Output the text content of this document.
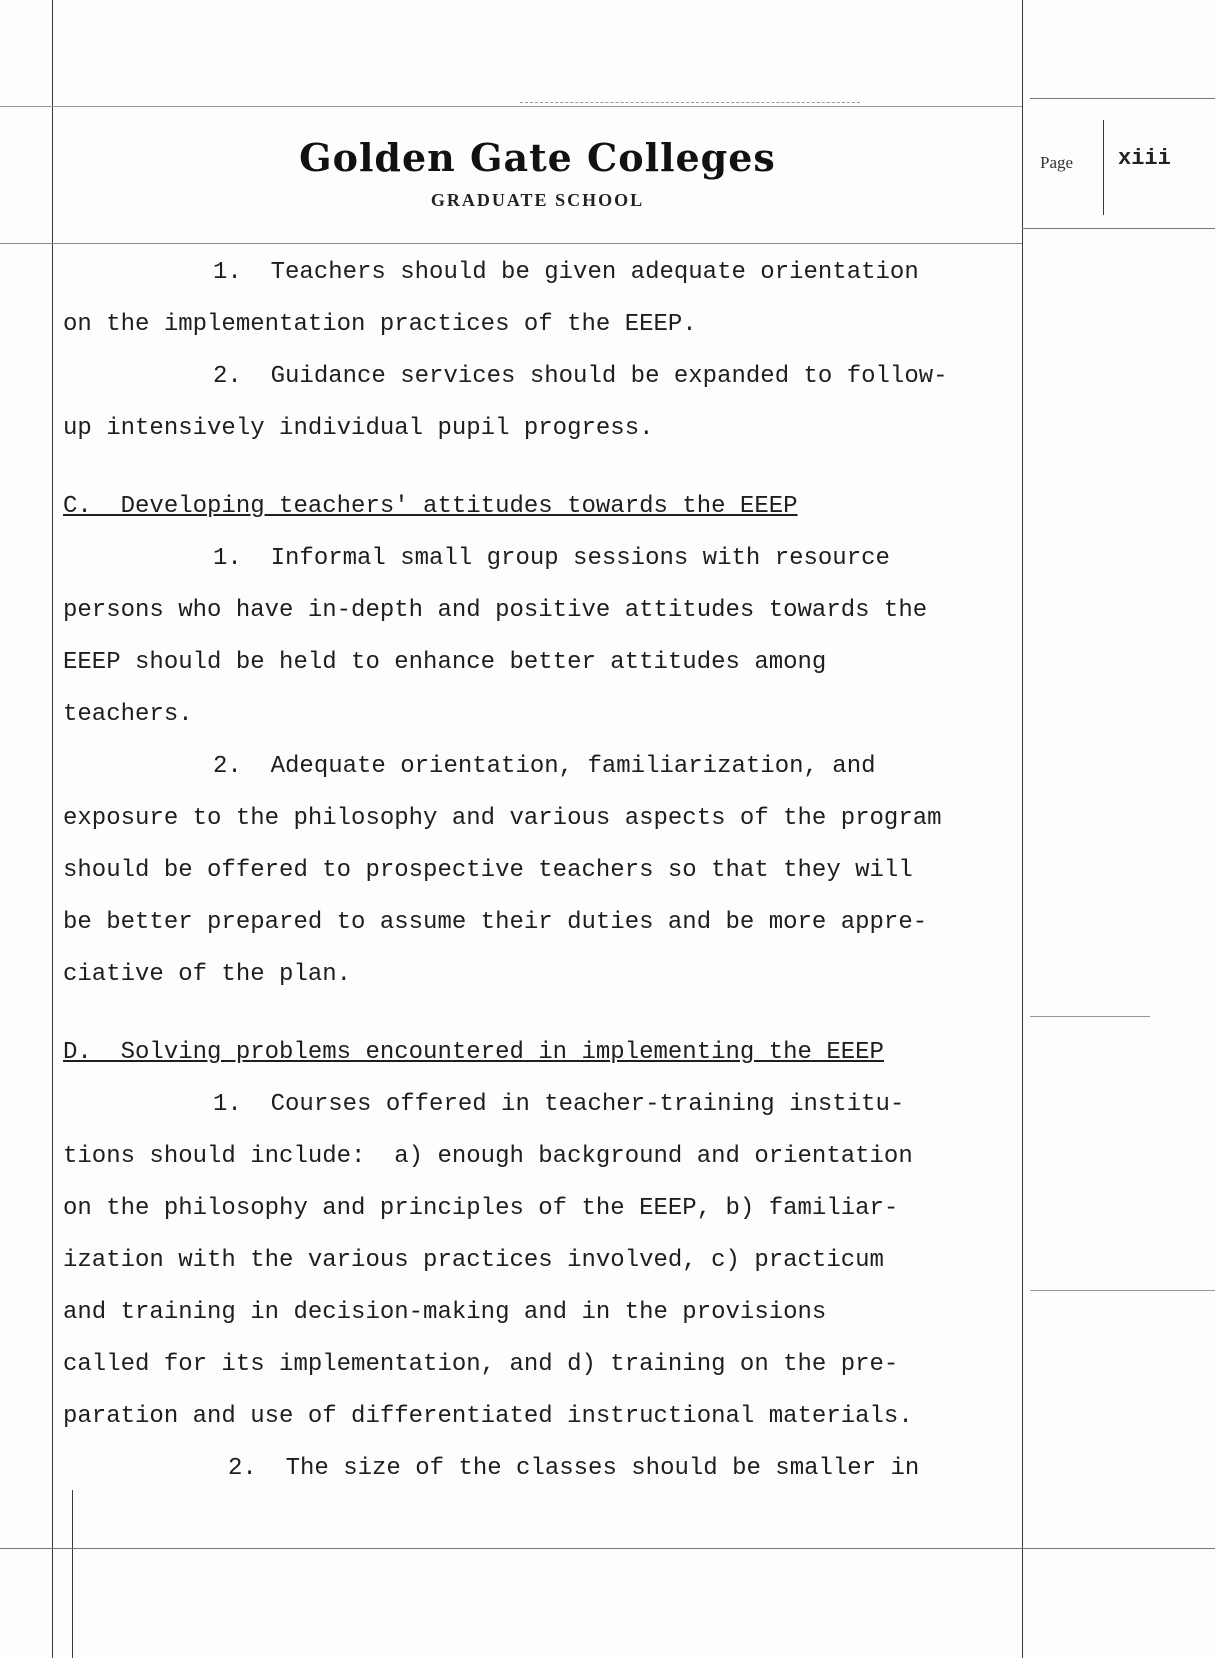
Golden Gate Colleges
GRADUATE SCHOOL
Page xiii
1.  Teachers should be given adequate orientation
on the implementation practices of the EEEP.
2.  Guidance services should be expanded to follow-
up intensively individual pupil progress.
C.  Developing teachers' attitudes towards the EEEP
1.  Informal small group sessions with resource
persons who have in-depth and positive attitudes towards the
EEEP should be held to enhance better attitudes among
teachers.
2.  Adequate orientation, familiarization, and
exposure to the philosophy and various aspects of the program
should be offered to prospective teachers so that they will
be better prepared to assume their duties and be more appre-
ciative of the plan.
D.  Solving problems encountered in implementing the EEEP
1.  Courses offered in teacher-training institu-
tions should include:  a) enough background and orientation
on the philosophy and principles of the EEEP, b) familiar-
ization with the various practices involved, c) practicum
and training in decision-making and in the provisions
called for its implementation, and d) training on the pre-
paration and use of differentiated instructional materials.
2.  The size of the classes should be smaller in
